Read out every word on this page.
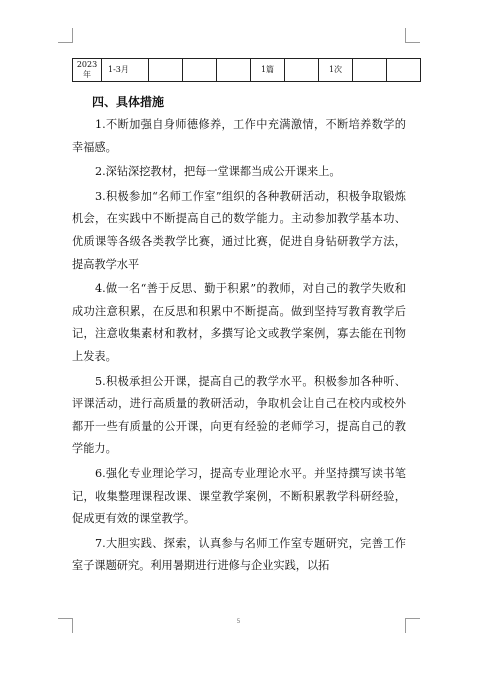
2023年	1-3月				1篇		1次		

四、具体措施

1.不断加强自身师德修养，工作中充满激情，不断培养数学的幸福感。

2.深钻深挖教材，把每一堂课都当成公开课来上。

3.积极参加“名师工作室”组织的各种教研活动，积极争取锻炼机会，在实践中不断提高自己的数学能力。主动参加教学基本功、优质课等各级各类教学比赛，通过比赛，促进自身钻研教学方法，提高教学水平

4.做一名“善于反思、勤于积累”的教师，对自己的教学失败和成功注意积累，在反思和积累中不断提高。做到坚持写教育教学后记，注意收集素材和教材，多撰写论文或教学案例，寡去能在刊物上发表。

5.积极承担公开课，提高自己的教学水平。积极参加各种听、评课活动，进行高质量的教研活动，争取机会让自己在校内或校外都开一些有质量的公开课，向更有经验的老师学习，提高自己的教学能力。

6.强化专业理论学习，提高专业理论水平。并坚持撰写读书笔记，收集整理课程改课、课堂教学案例，不断积累教学科研经验，促成更有效的课堂教学。

7.大胆实践、探索，认真参与名师工作室专题研究，完善工作室子课题研究。利用暑期进行进修与企业实践，以拓

5
